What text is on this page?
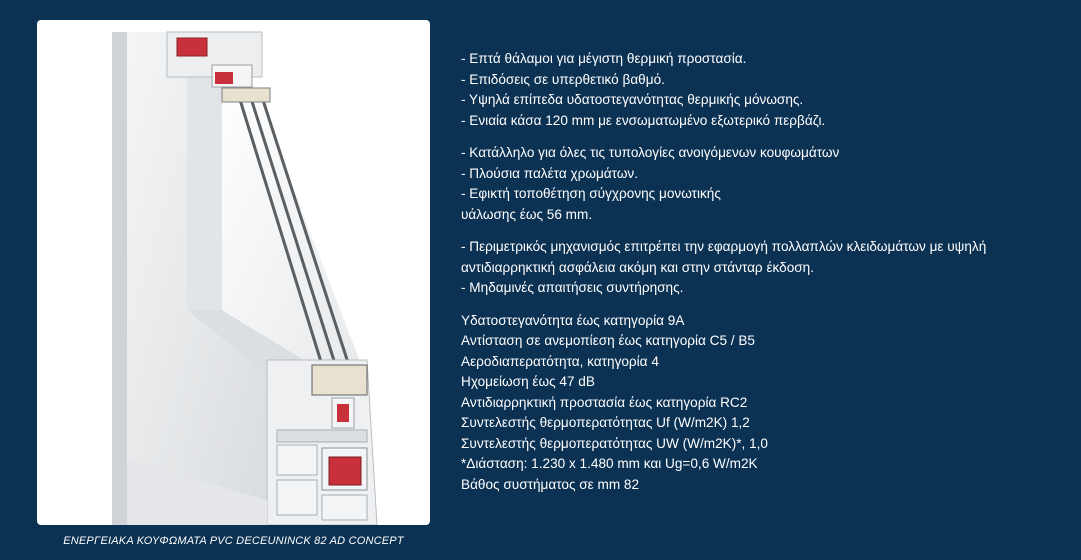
ΕΝΕΡΓΕΙΑΚΑ ΚΟΥΦΩΜΑΤΑ PVC DECEUNINCK 82 AD CONCEPT
- Επτά θάλαμοι για μέγιστη θερμική προστασία.
- Επιδόσεις σε υπερθετικό βαθμό.
- Υψηλά επίπεδα υδατοστεγανότητας θερμικής μόνωσης.
- Ενιαία κάσα 120 mm με ενσωματωμένο εξωτερικό περβάζι.
- Κατάλληλο για όλες τις τυπολογίες ανοιγόμενων κουφωμάτων
- Πλούσια παλέτα χρωμάτων.
- Εφικτή τοποθέτηση σύγχρονης μονωτικής
υάλωσης έως 56 mm.
- Περιμετρικός μηχανισμός επιτρέπει την εφαρμογή πολλαπλών κλειδωμάτων με υψηλή
αντιδιαρρηκτική ασφάλεια ακόμη και στην στάνταρ έκδοση.
- Μηδαμινές απαιτήσεις συντήρησης.
Υδατοστεγανότητα έως κατηγορία 9A
Αντίσταση σε ανεμοπίεση έως κατηγορία C5 / B5
Αεροδιαπερατότητα, κατηγορία 4
Ηχομείωση έως 47 dB
Αντιδιαρρηκτική προστασία έως κατηγορία RC2
Συντελεστής θερμοπερατότητας Uf (W/m2K) 1,2
Συντελεστής θερμοπερατότητας UW (W/m2K)*, 1,0
*Διάσταση: 1.230 x 1.480 mm και Ug=0,6 W/m2K
Βάθος συστήματος σε mm 82
